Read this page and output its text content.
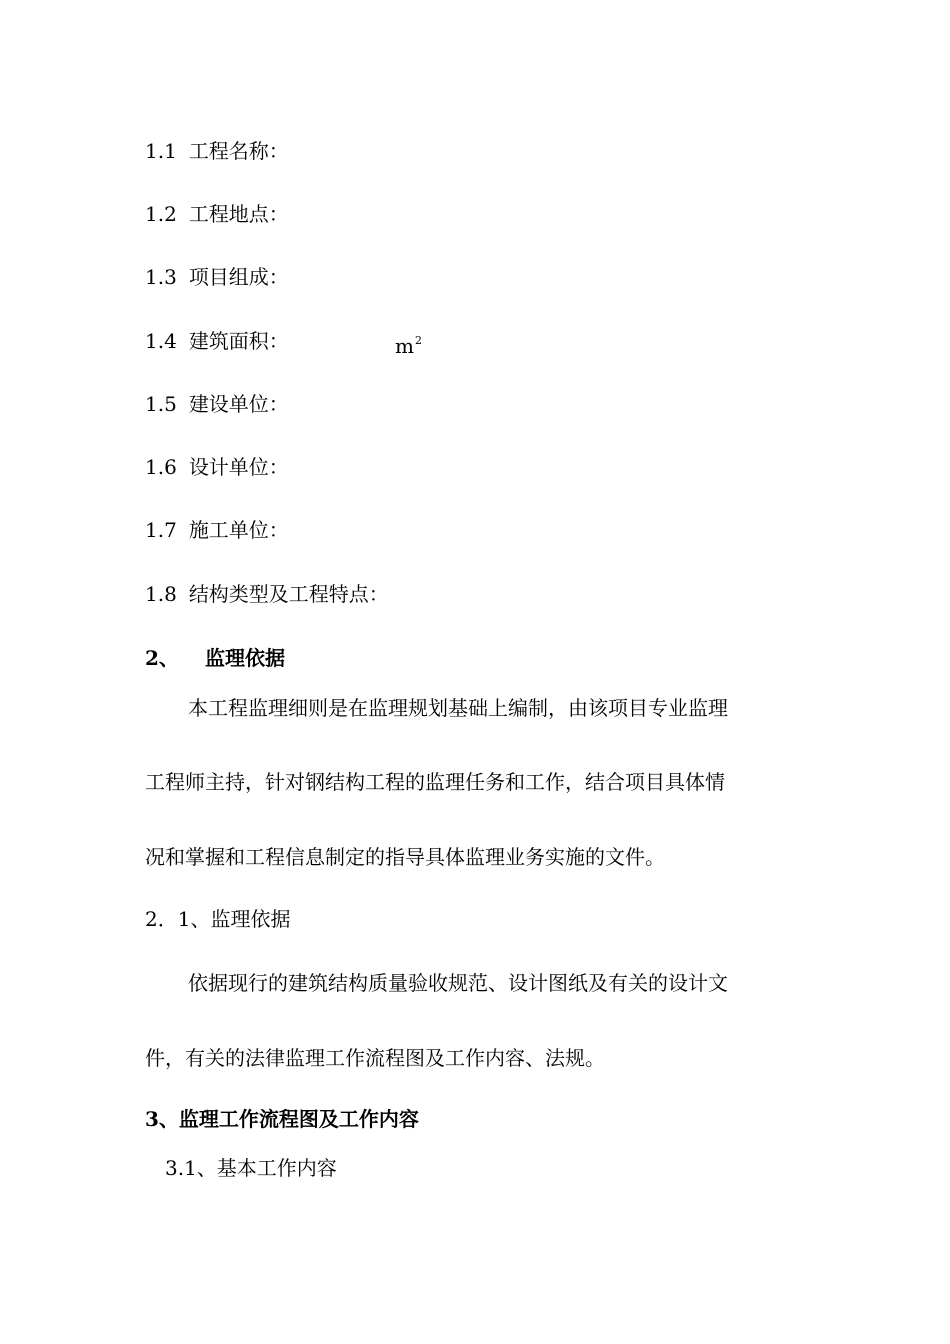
1.1 工程名称：
1.2 工程地点：
1.3 项目组成：
1.4 建筑面积：	$m^2$
1.5 建设单位：
1.6 设计单位：
1.7 施工单位：
1.8 结构类型及工程特点：
2、 监理依据
本工程监理细则是在监理规划基础上编制，由该项目专业监理
工程师主持，针对钢结构工程的监理任务和工作，结合项目具体情
况和掌握和工程信息制定的指导具体监理业务实施的文件。
2．1、监理依据
依据现行的建筑结构质量验收规范、设计图纸及有关的设计文
件，有关的法律监理工作流程图及工作内容、法规。
3、监理工作流程图及工作内容
3.1、基本工作内容
